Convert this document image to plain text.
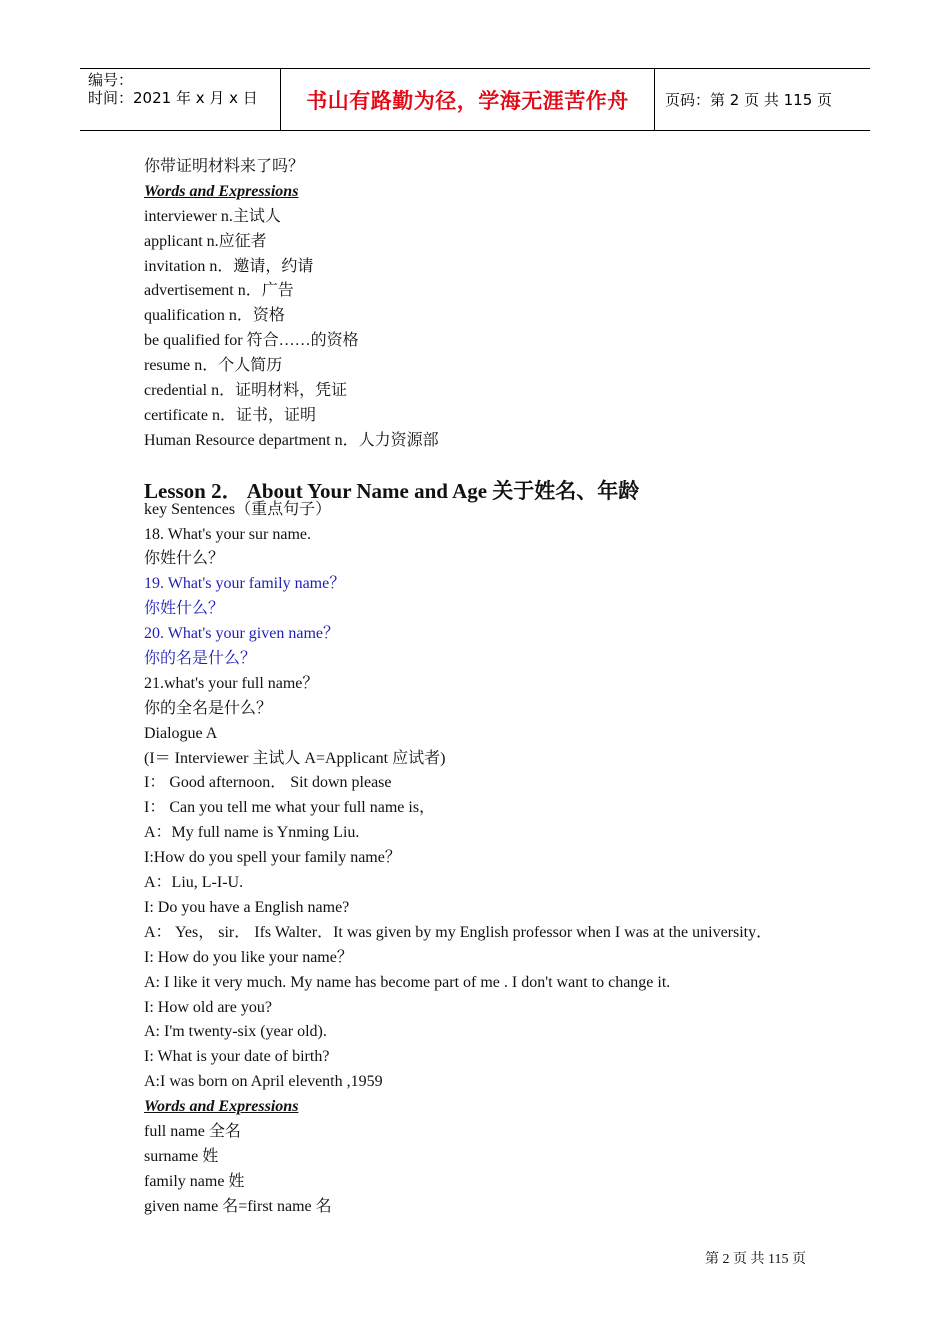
编号：
时间：2021 年 x 月 x 日	书山有路勤为径，学海无涯苦作舟	页码：第 2 页 共 115 页
你带证明材料来了吗？
Words and Expressions
interviewer n.主试人
applicant n.应征者
invitation n．邀请，约请
advertisement n．广告
qualification n．资格
be qualified for 符合……的资格
resume n．个人简历
credential n．证明材料，凭证
certificate n．证书，证明
Human Resource department n．人力资源部
Lesson 2． About Your Name and Age 关于姓名、年龄
key Sentences（重点句子）
18. What's your sur name.
你姓什么？
19. What's your family name？
你姓什么？
20. What's your given name？
你的名是什么？
21.what's your full name？
你的全名是什么？
Dialogue A
(I＝ Interviewer 主试人 A=Applicant 应试者)
I： Good afternoon． Sit down please
I： Can you tell me what your full name is，
A：My full name is Ynming Liu.
I:How do you spell your family name？
A：Liu, L-I-U.
I: Do you have a English name?
A： Yes， sir． Ifs Walter．It was given by my English professor when I was at the university．
I: How do you like your name？
A: I like it very much. My name has become part of me . I don't want to change it.
I: How old are you?
A: I'm twenty-six (year old).
I: What is your date of birth?
A:I was born on April eleventh ,1959
Words and Expressions
full name 全名
surname 姓
family name 姓
given name 名=first name 名
第 2 页 共 115 页
